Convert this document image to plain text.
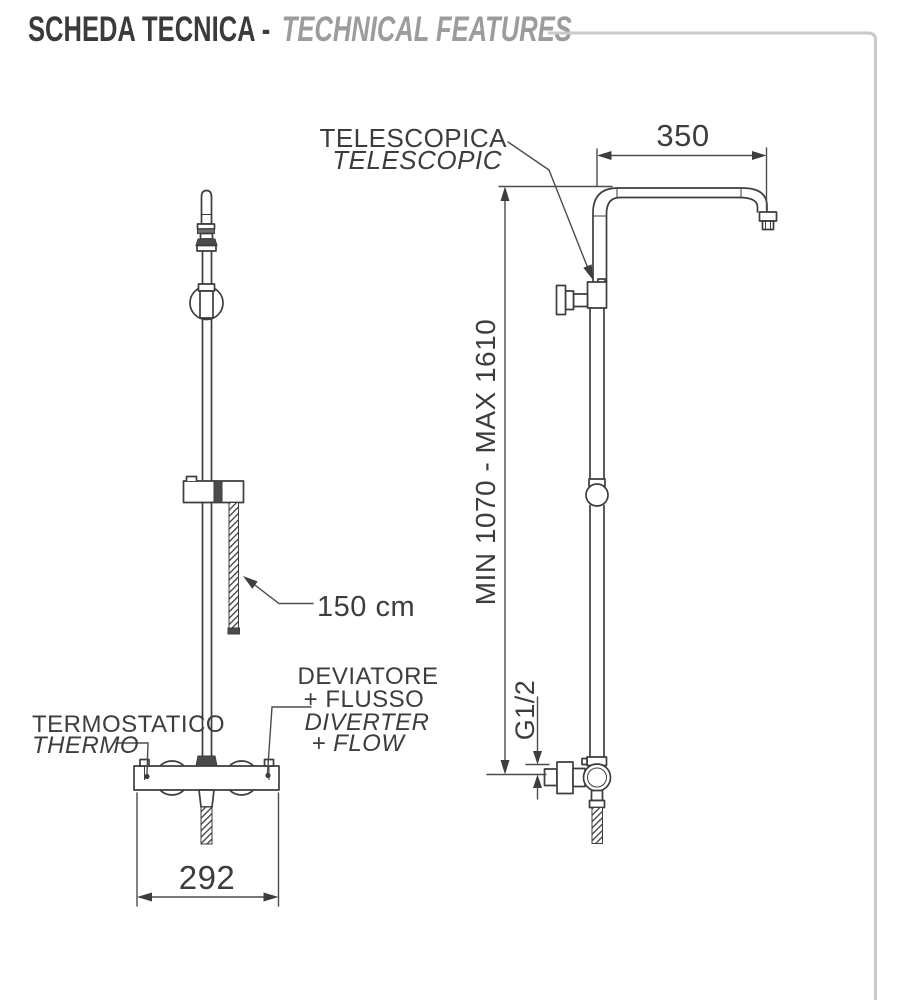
SCHEDA TECNICA - TECHNICAL FEATURES
350
MIN 1070 - MAX 1610
G1/2
292
TELESCOPICA
TELESCOPIC
150 cm
TERMOSTATICO
THERMO
DEVIATORE
+ FLUSSO
DIVERTER
+ FLOW
